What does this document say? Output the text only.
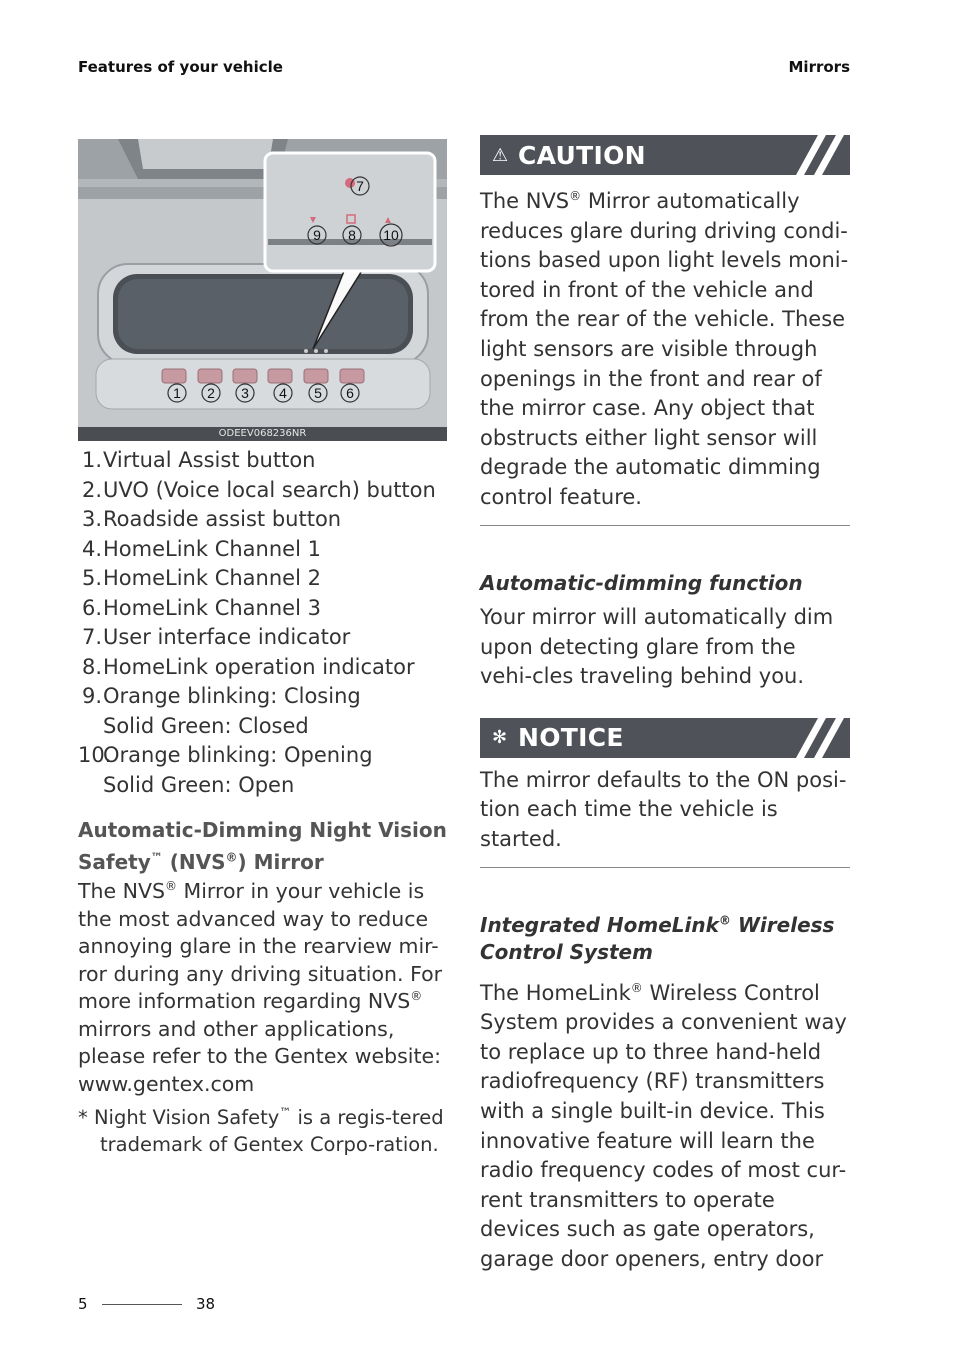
Features of your vehicle	Mirrors
7
9 8 10
1 2 3 4 5 6
ODEEV068236NR
1. Virtual Assist button
2. UVO (Voice local search) button
3. Roadside assist button
4. HomeLink Channel 1
5. HomeLink Channel 2
6. HomeLink Channel 3
7. User interface indicator
8. HomeLink operation indicator
9. Orange blinking: Closing
Solid Green: Closed
10.
Orange blinking: Opening
Solid Green: Open
Automatic-Dimming Night Vision
Safety™ (NVS®) Mirror
The NVS® Mirror in your vehicle is the most advanced way to reduce annoying glare in the rearview mir-ror during any driving situation. For more information regarding NVS® mirrors and other applications, please refer to the Gentex website: www.gentex.com
* Night Vision Safety™ is a regis-tered trademark of Gentex Corpo-ration.
⚠ CAUTION
The NVS® Mirror automatically reduces glare during driving condi-tions based upon light levels moni-tored in front of the vehicle and from the rear of the vehicle. These light sensors are visible through openings in the front and rear of the mirror case. Any object that obstructs either light sensor will degrade the automatic dimming control feature.
Automatic-dimming function
Your mirror will automatically dim upon detecting glare from the vehi-cles traveling behind you.
✻ NOTICE
The mirror defaults to the ON posi-tion each time the vehicle is started.
Integrated HomeLink® Wireless Control System
The HomeLink® Wireless Control System provides a convenient way to replace up to three hand-held radiofrequency (RF) transmitters with a single built-in device. This innovative feature will learn the radio frequency codes of most cur-rent transmitters to operate devices such as gate operators, garage door openers, entry door
5	38
